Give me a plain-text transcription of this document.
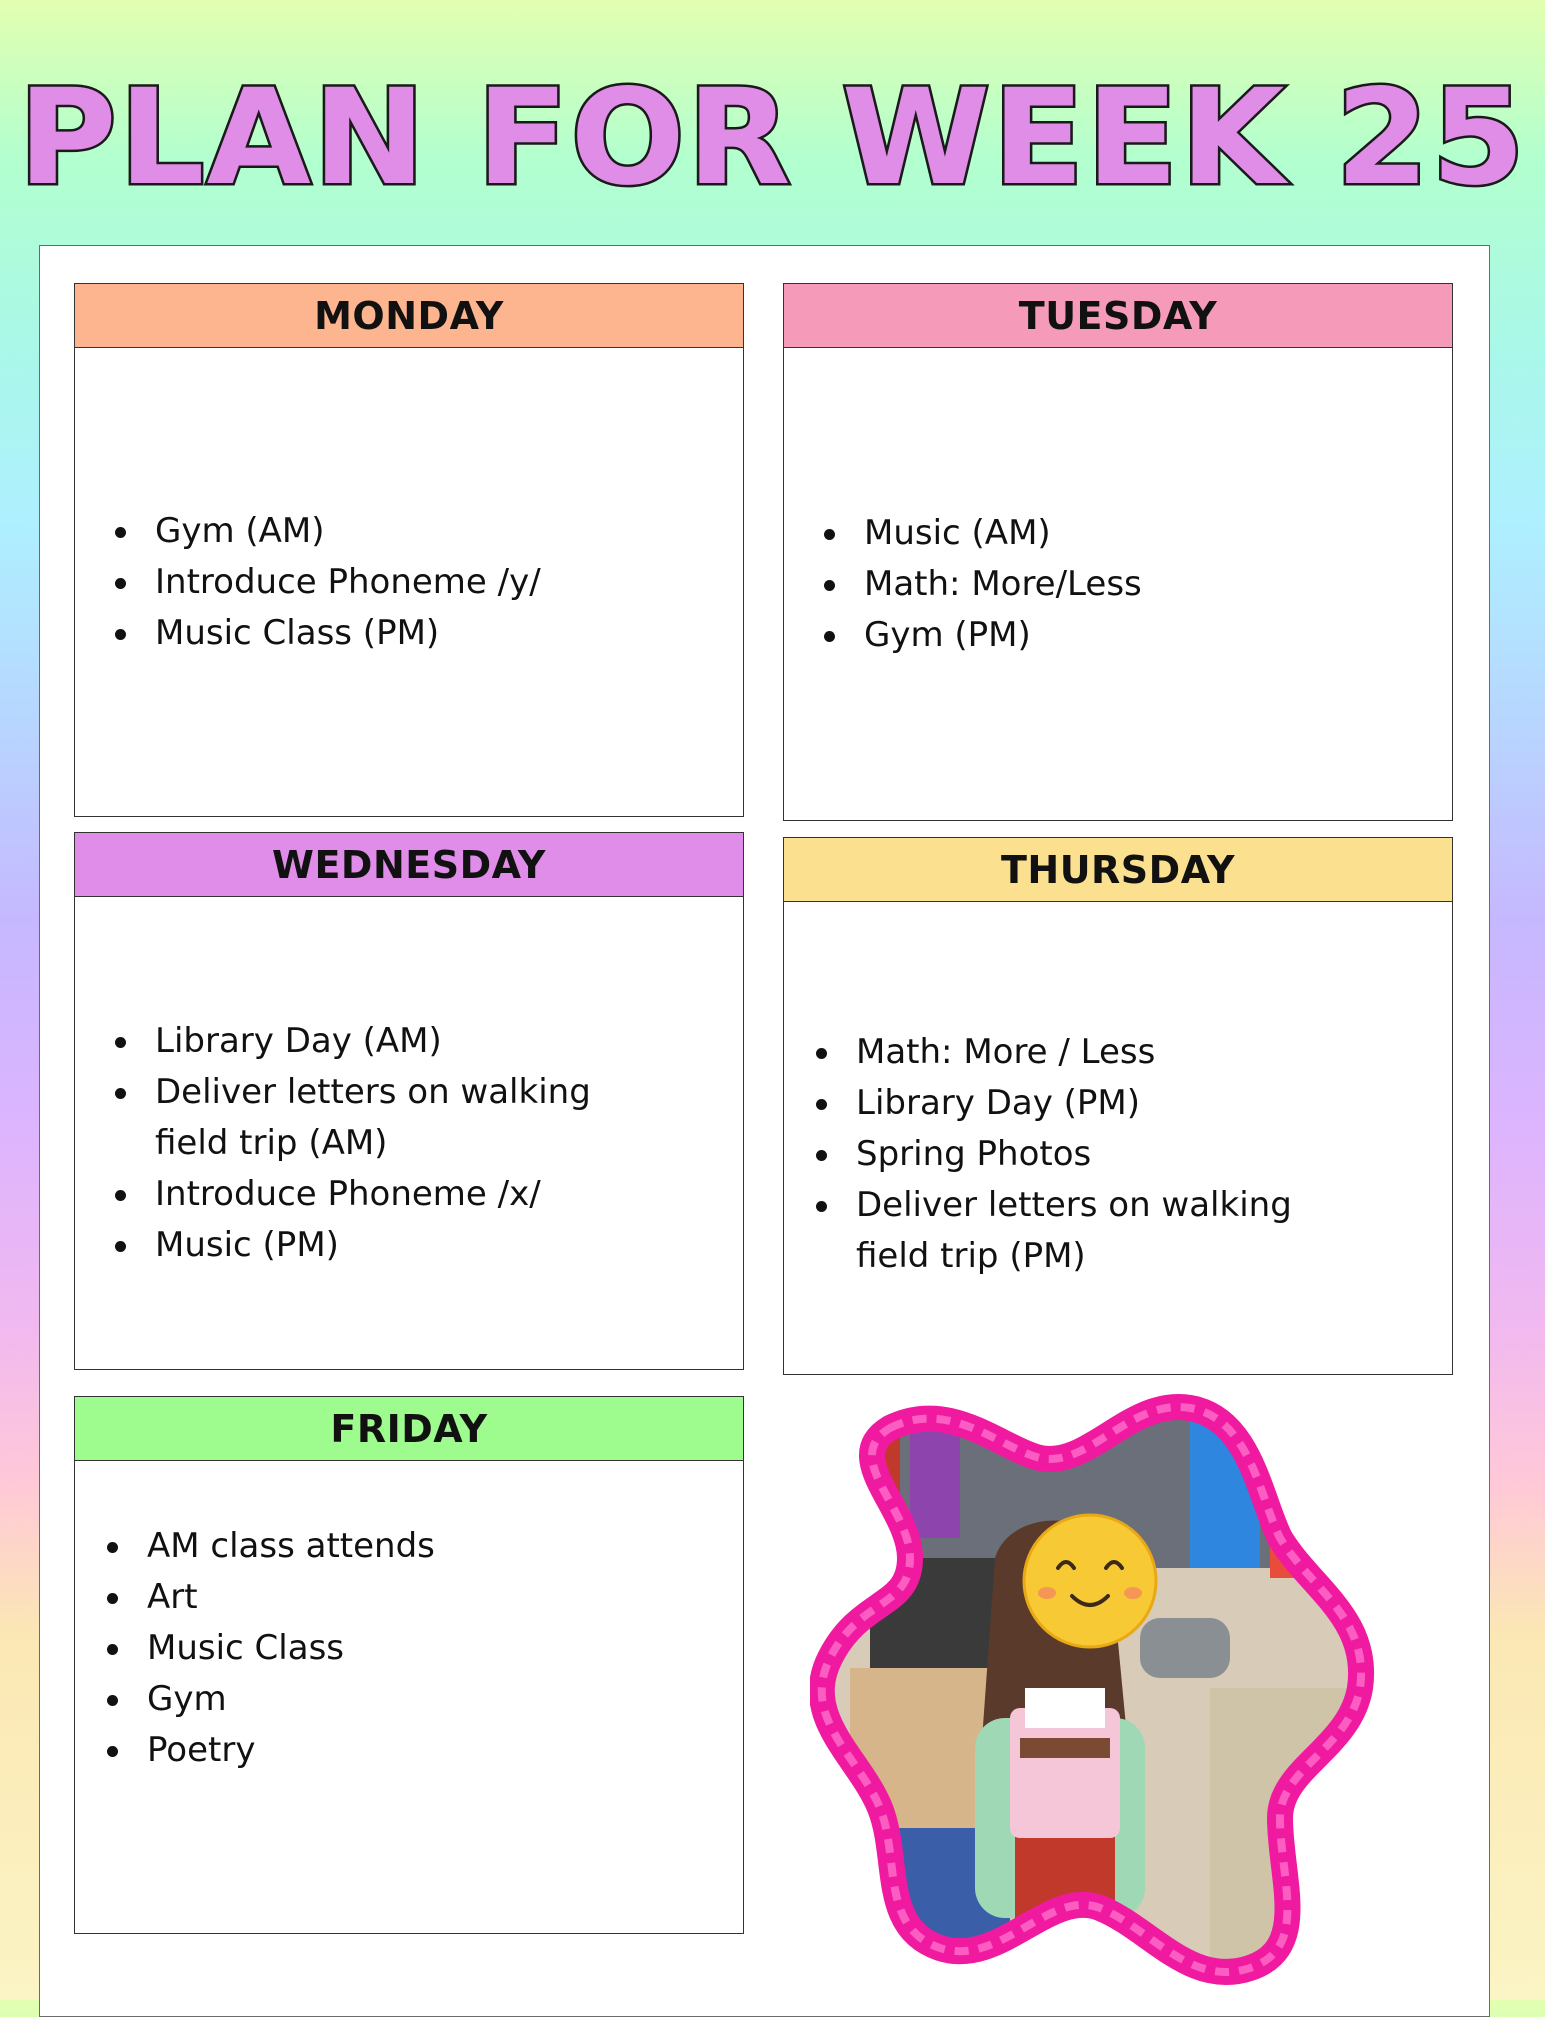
PLAN FOR WEEK 25
MONDAY
Gym (AM)
Introduce Phoneme /y/
Music Class (PM)
TUESDAY
Music (AM)
Math: More/Less
Gym (PM)
WEDNESDAY
Library Day (AM)
Deliver letters on walking field trip (AM)
Introduce Phoneme /x/
Music (PM)
THURSDAY
Math: More / Less
Library Day (PM)
Spring Photos
Deliver letters on walking field trip (PM)
FRIDAY
AM class attends
Art
Music Class
Gym
Poetry
